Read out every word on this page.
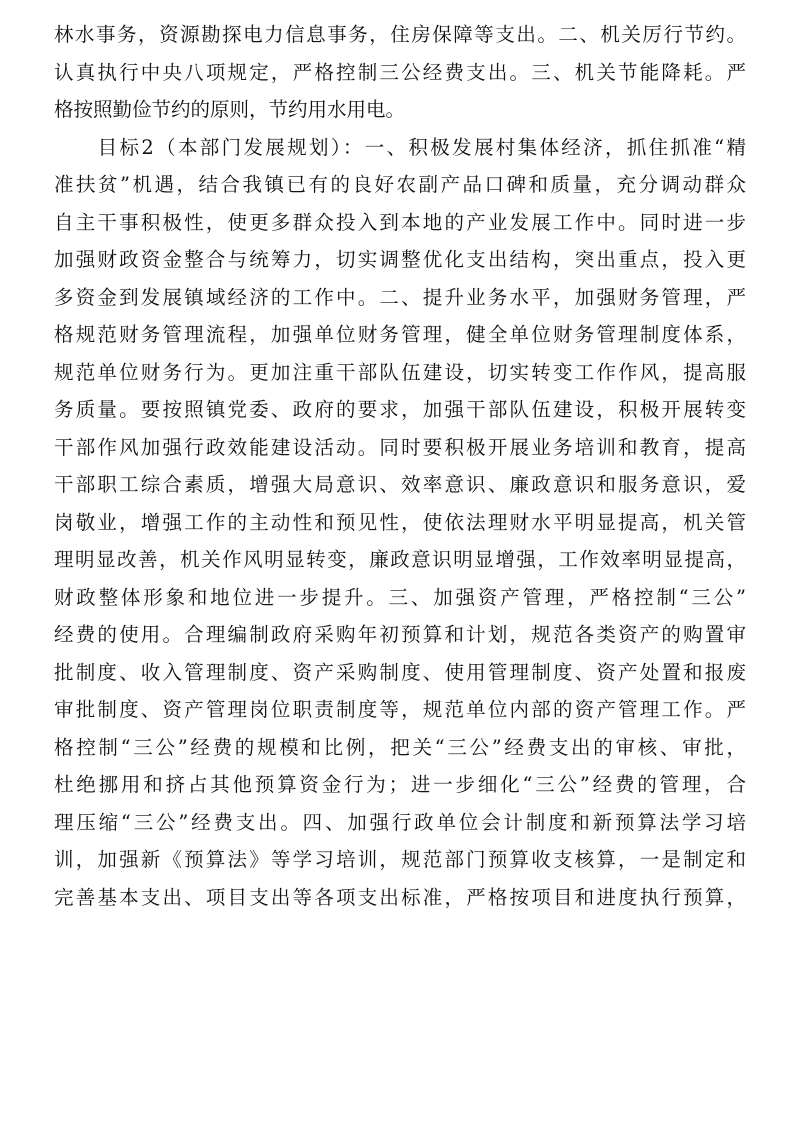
林水事务，资源勘探电力信息事务，住房保障等支出。二、机关厉行节约。
认真执行中央八项规定，严格控制三公经费支出。三、机关节能降耗。严
格按照勤俭节约的原则，节约用水用电。
　　目标2（本部门发展规划）：一、积极发展村集体经济，抓住抓准“精
准扶贫”机遇，结合我镇已有的良好农副产品口碑和质量，充分调动群众
自主干事积极性，使更多群众投入到本地的产业发展工作中。同时进一步
加强财政资金整合与统筹力，切实调整优化支出结构，突出重点，投入更
多资金到发展镇域经济的工作中。二、提升业务水平，加强财务管理，严
格规范财务管理流程，加强单位财务管理，健全单位财务管理制度体系，
规范单位财务行为。更加注重干部队伍建设，切实转变工作作风，提高服
务质量。要按照镇党委、政府的要求，加强干部队伍建设，积极开展转变
干部作风加强行政效能建设活动。同时要积极开展业务培训和教育，提高
干部职工综合素质，增强大局意识、效率意识、廉政意识和服务意识，爱
岗敬业，增强工作的主动性和预见性，使依法理财水平明显提高，机关管
理明显改善，机关作风明显转变，廉政意识明显增强，工作效率明显提高，
财政整体形象和地位进一步提升。三、加强资产管理，严格控制“三公”
经费的使用。合理编制政府采购年初预算和计划，规范各类资产的购置审
批制度、收入管理制度、资产采购制度、使用管理制度、资产处置和报废
审批制度、资产管理岗位职责制度等，规范单位内部的资产管理工作。严
格控制“三公”经费的规模和比例，把关“三公”经费支出的审核、审批，
杜绝挪用和挤占其他预算资金行为；进一步细化“三公”经费的管理，合
理压缩“三公”经费支出。四、加强行政单位会计制度和新预算法学习培
训，加强新《预算法》等学习培训，规范部门预算收支核算，一是制定和
完善基本支出、项目支出等各项支出标准，严格按项目和进度执行预算，
